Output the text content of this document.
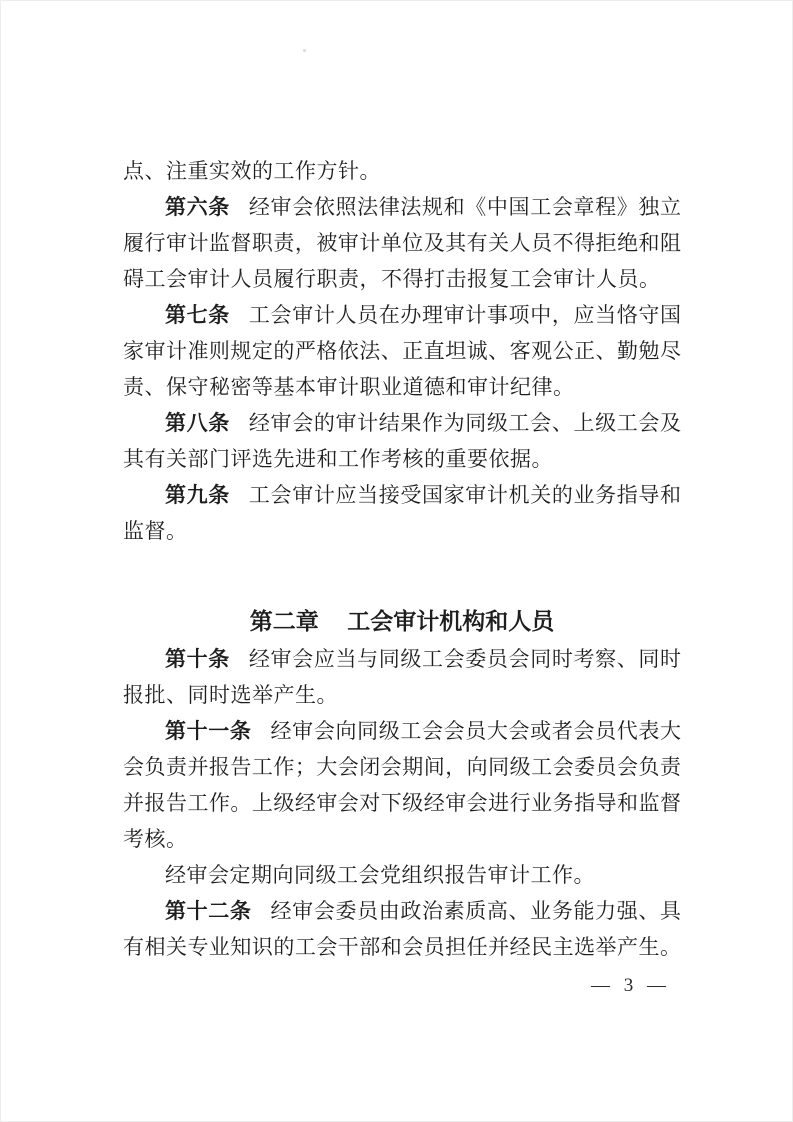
点、注重实效的工作方针。
第六条 经审会依照法律法规和《中国工会章程》独立
履行审计监督职责，被审计单位及其有关人员不得拒绝和阻
碍工会审计人员履行职责，不得打击报复工会审计人员。
第七条 工会审计人员在办理审计事项中，应当恪守国
家审计准则规定的严格依法、正直坦诚、客观公正、勤勉尽
责、保守秘密等基本审计职业道德和审计纪律。
第八条 经审会的审计结果作为同级工会、上级工会及
其有关部门评选先进和工作考核的重要依据。
第九条 工会审计应当接受国家审计机关的业务指导和
监督。
第二章 工会审计机构和人员
第十条 经审会应当与同级工会委员会同时考察、同时
报批、同时选举产生。
第十一条 经审会向同级工会会员大会或者会员代表大
会负责并报告工作；大会闭会期间，向同级工会委员会负责
并报告工作。上级经审会对下级经审会进行业务指导和监督
考核。
经审会定期向同级工会党组织报告审计工作。
第十二条 经审会委员由政治素质高、业务能力强、具
有相关专业知识的工会干部和会员担任并经民主选举产生。
— 3 —
